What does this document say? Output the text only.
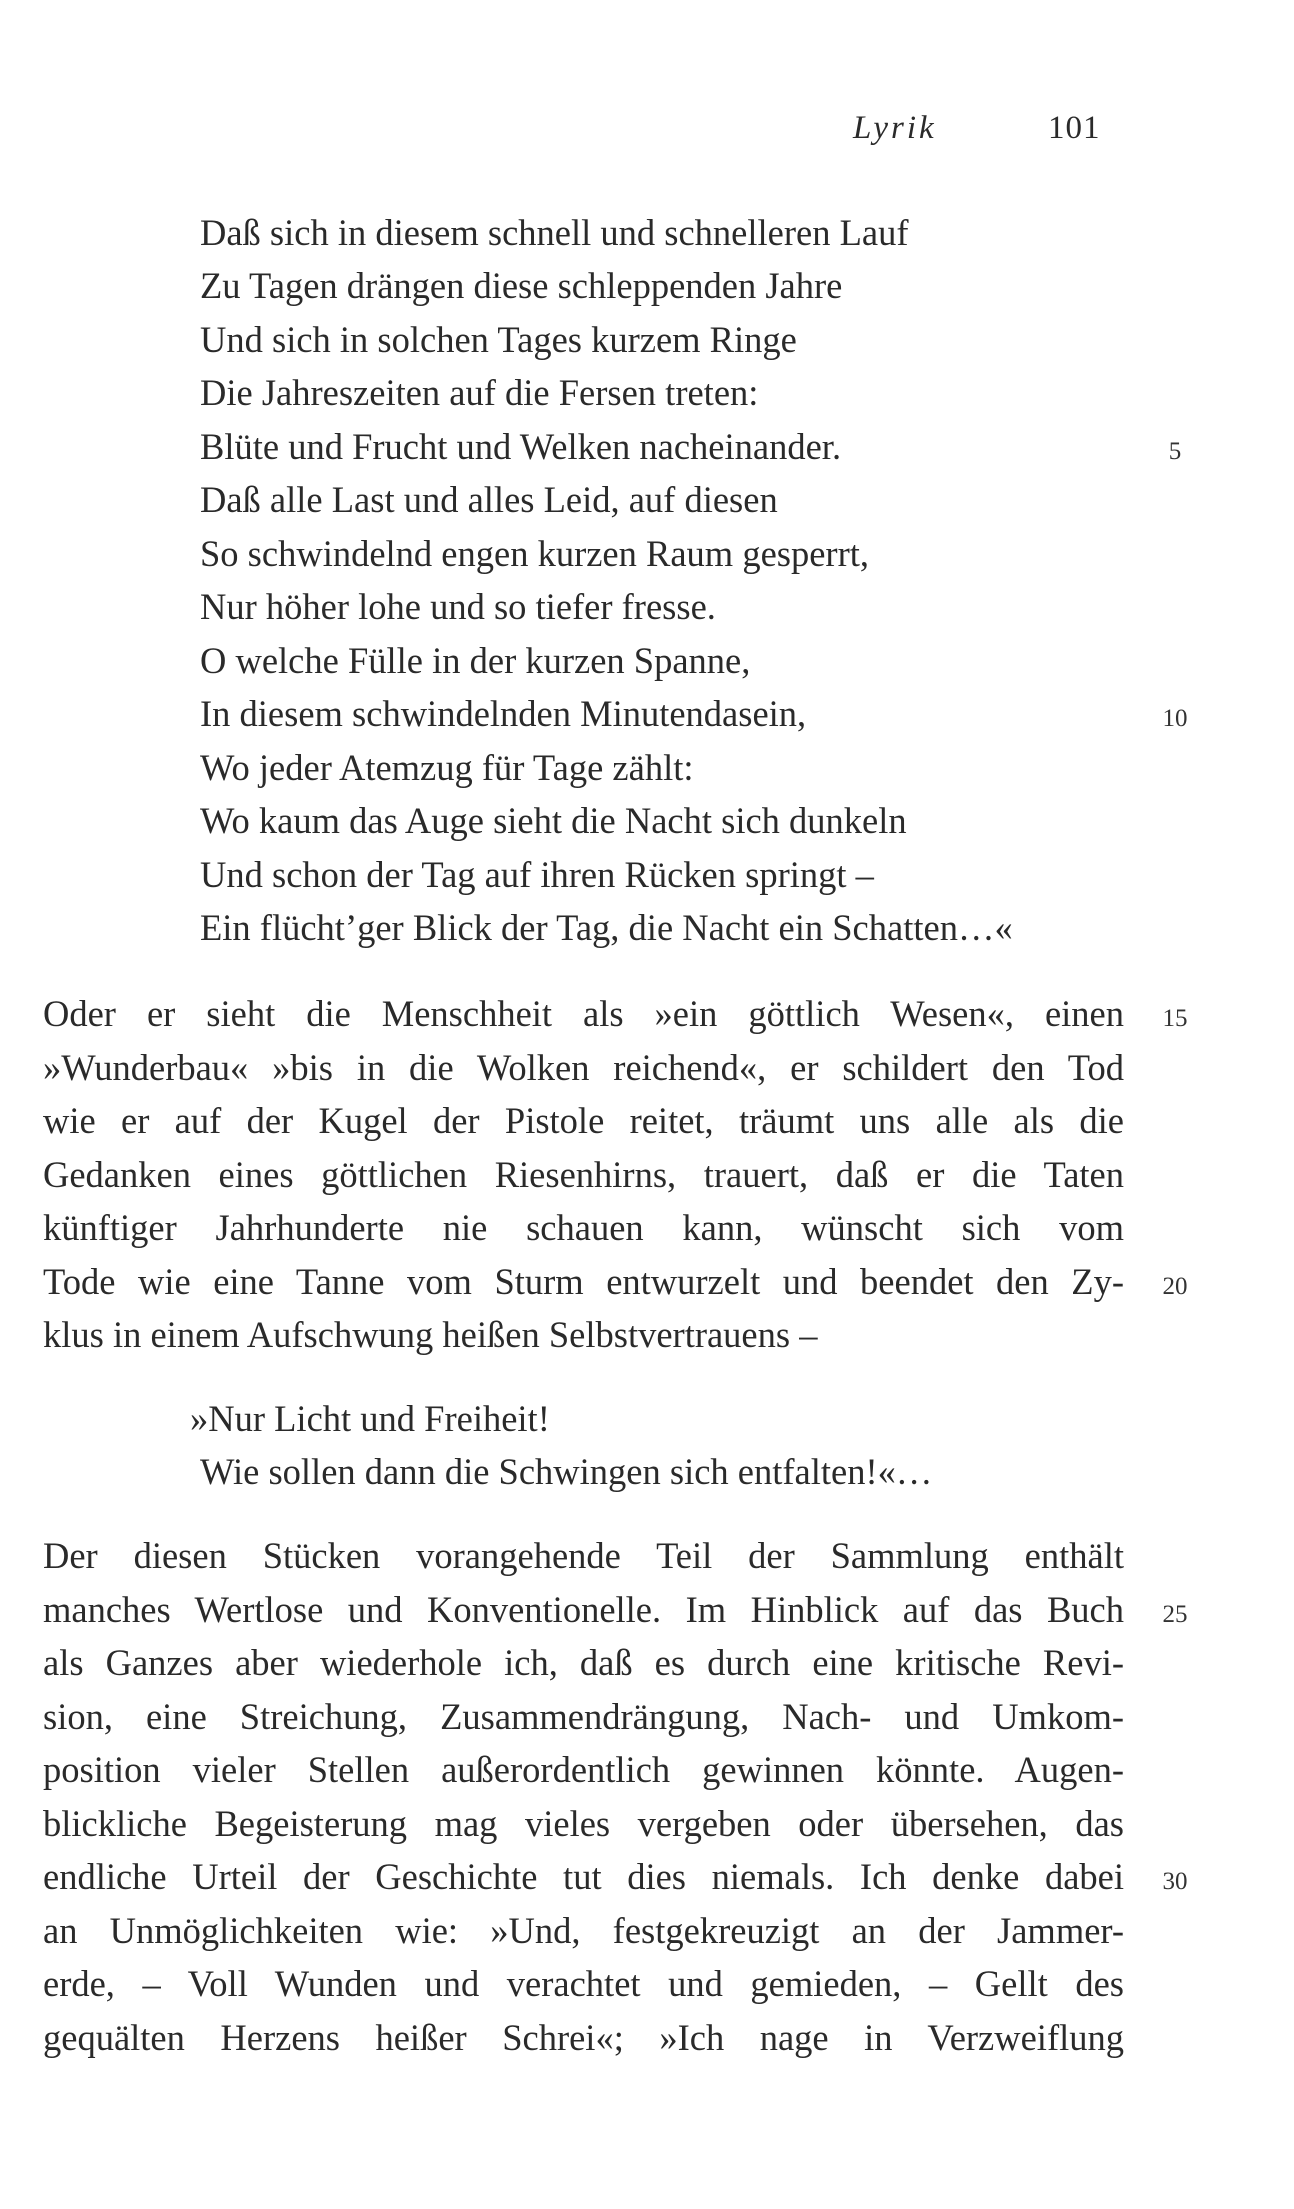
Lyrik	101
Daß sich in diesem schnell und schnelleren Lauf
Zu Tagen drängen diese schleppenden Jahre
Und sich in solchen Tages kurzem Ringe
Die Jahreszeiten auf die Fersen treten:
Blüte und Frucht und Welken nacheinander.
Daß alle Last und alles Leid, auf diesen
So schwindelnd engen kurzen Raum gesperrt,
Nur höher lohe und so tiefer fresse.
O welche Fülle in der kurzen Spanne,
In diesem schwindelnden Minutendasein,
Wo jeder Atemzug für Tage zählt:
Wo kaum das Auge sieht die Nacht sich dunkeln
Und schon der Tag auf ihren Rücken springt –
Ein flücht’ger Blick der Tag, die Nacht ein Schatten…«
Oder er sieht die Menschheit als »ein göttlich Wesen«, einen
»Wunderbau« »bis in die Wolken reichend«, er schildert den Tod
wie er auf der Kugel der Pistole reitet, träumt uns alle als die
Gedanken eines göttlichen Riesenhirns, trauert, daß er die Taten
künftiger Jahrhunderte nie schauen kann, wünscht sich vom
Tode wie eine Tanne vom Sturm entwurzelt und beendet den Zy-
klus in einem Aufschwung heißen Selbstvertrauens –
»Nur Licht und Freiheit!
Wie sollen dann die Schwingen sich entfalten!«…
Der diesen Stücken vorangehende Teil der Sammlung enthält
manches Wertlose und Konventionelle. Im Hinblick auf das Buch
als Ganzes aber wiederhole ich, daß es durch eine kritische Revi-
sion, eine Streichung, Zusammendrängung, Nach- und Umkom-
position vieler Stellen außerordentlich gewinnen könnte. Augen-
blickliche Begeisterung mag vieles vergeben oder übersehen, das
endliche Urteil der Geschichte tut dies niemals. Ich denke dabei
an Unmöglichkeiten wie: »Und, festgekreuzigt an der Jammer-
erde, – Voll Wunden und verachtet und gemieden, – Gellt des
gequälten Herzens heißer Schrei«; »Ich nage in Verzweiflung
5
10
15
20
25
30
